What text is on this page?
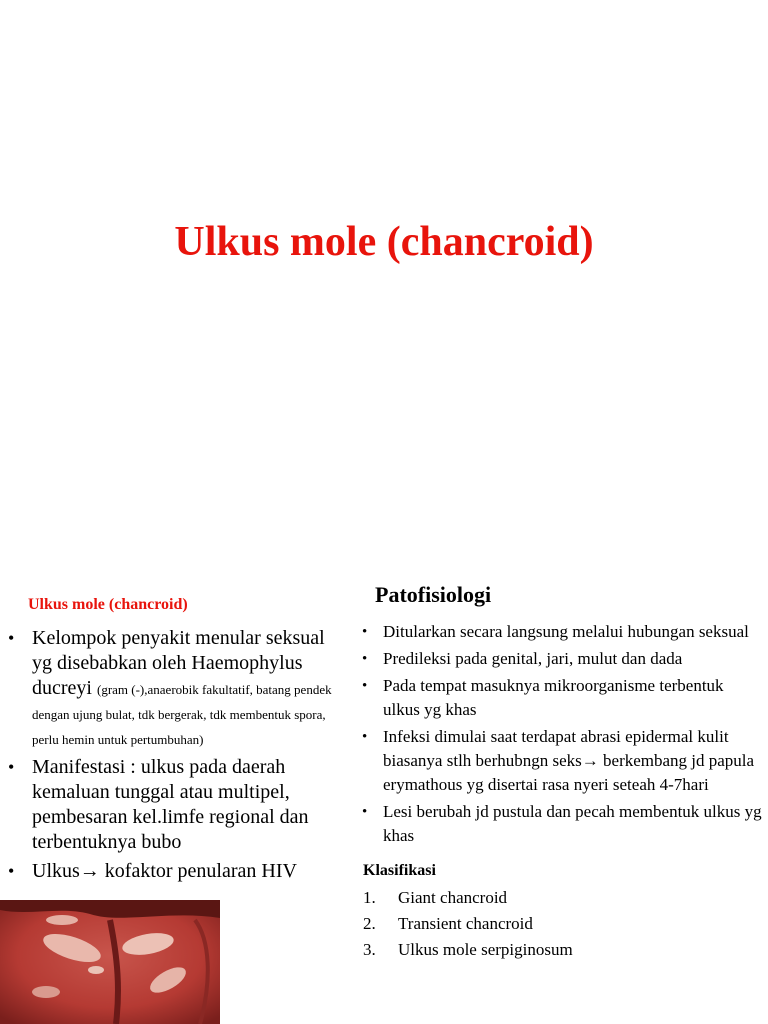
Ulkus mole (chancroid)
Ulkus mole (chancroid)
• Kelompok penyakit menular seksual yg disebabkan oleh Haemophylus ducreyi (gram (-),anaerobik fakultatif, batang pendek dengan ujung bulat, tdk bergerak, tdk membentuk spora, perlu hemin untuk pertumbuhan)
• Manifestasi : ulkus pada daerah kemaluan tunggal atau multipel, pembesaran kel.limfe regional dan terbentuknya bubo
• Ulkus→ kofaktor penularan HIV
Patofisiologi
• Ditularkan secara langsung melalui hubungan seksual
• Predileksi pada genital, jari, mulut dan dada
• Pada tempat masuknya mikroorganisme terbentuk ulkus yg khas
• Infeksi dimulai saat terdapat abrasi epidermal kulit biasanya stlh berhubngn seks→ berkembang jd papula erymathous yg disertai rasa nyeri seteah 4-7hari
• Lesi berubah jd pustula dan pecah membentuk ulkus yg khas
Klasifikasi
1.	Giant chancroid
2.	Transient chancroid
3.	Ulkus mole serpiginosum
